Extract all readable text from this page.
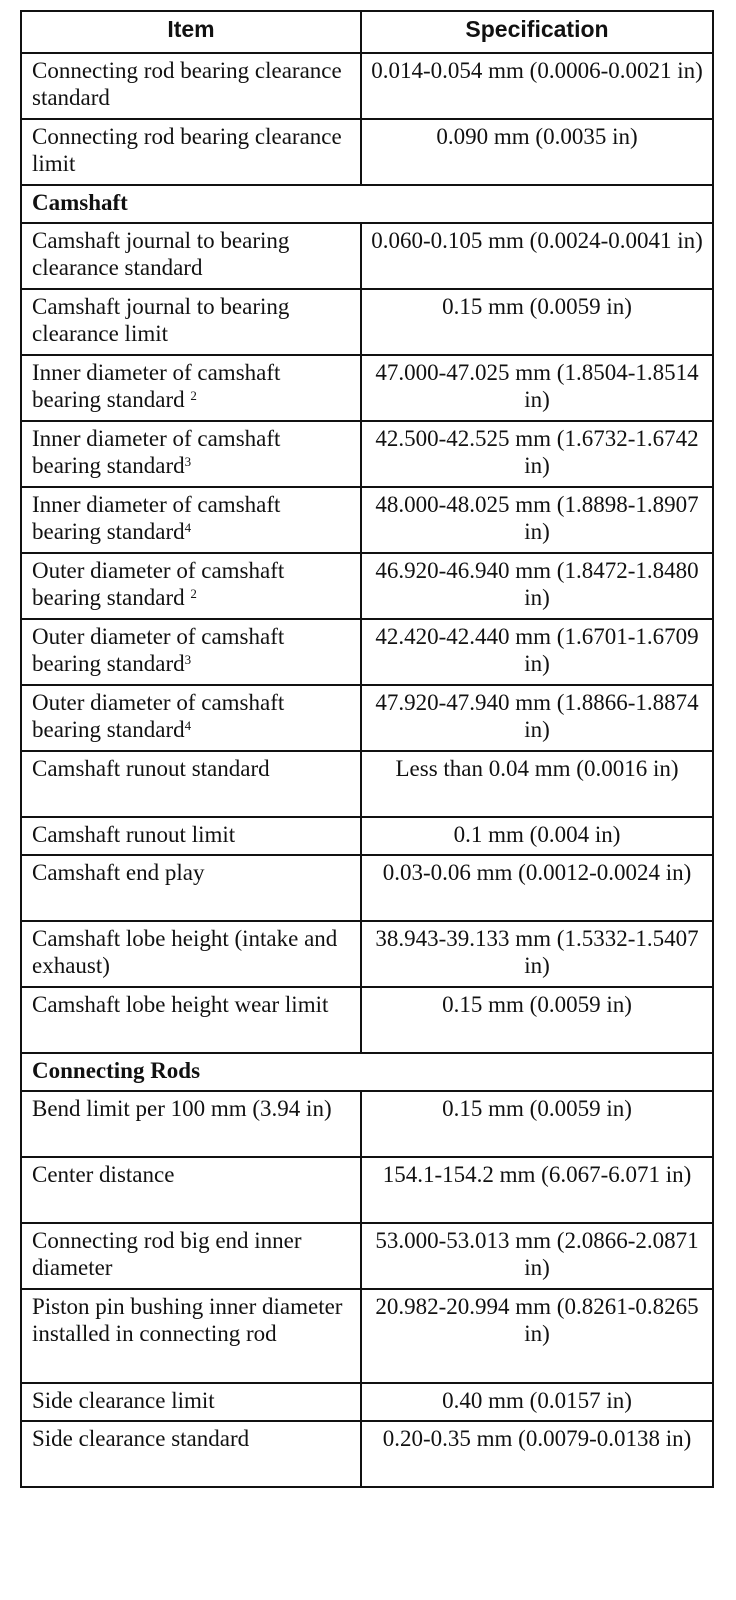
Item	Specification
Connecting rod bearing clearance standard	0.014-0.054 mm (0.0006-0.0021 in)
Connecting rod bearing clearance limit	0.090 mm (0.0035 in)
Camshaft	
Camshaft journal to bearing clearance standard	0.060-0.105 mm (0.0024-0.0041 in)
Camshaft journal to bearing clearance limit	0.15 mm (0.0059 in)
Inner diameter of camshaft bearing standard $^2$	47.000-47.025 mm (1.8504-1.8514 in)
Inner diameter of camshaft bearing standard$^3$	42.500-42.525 mm (1.6732-1.6742 in)
Inner diameter of camshaft bearing standard$^4$	48.000-48.025 mm (1.8898-1.8907 in)
Outer diameter of camshaft bearing standard $^2$	46.920-46.940 mm (1.8472-1.8480 in)
Outer diameter of camshaft bearing standard$^3$	42.420-42.440 mm (1.6701-1.6709 in)
Outer diameter of camshaft bearing standard$^4$	47.920-47.940 mm (1.8866-1.8874 in)
Camshaft runout standard	Less than 0.04 mm (0.0016 in)
Camshaft runout limit	0.1 mm (0.004 in)
Camshaft end play	0.03-0.06 mm (0.0012-0.0024 in)
Camshaft lobe height (intake and exhaust)	38.943-39.133 mm (1.5332-1.5407 in)
Camshaft lobe height wear limit	0.15 mm (0.0059 in)
Connecting Rods	
Bend limit per 100 mm (3.94 in)	0.15 mm (0.0059 in)
Center distance	154.1-154.2 mm (6.067-6.071 in)
Connecting rod big end inner diameter	53.000-53.013 mm (2.0866-2.0871 in)
Piston pin bushing inner diameter installed in connecting rod	20.982-20.994 mm (0.8261-0.8265 in)
Side clearance limit	0.40 mm (0.0157 in)
Side clearance standard	0.20-0.35 mm (0.0079-0.0138 in)
